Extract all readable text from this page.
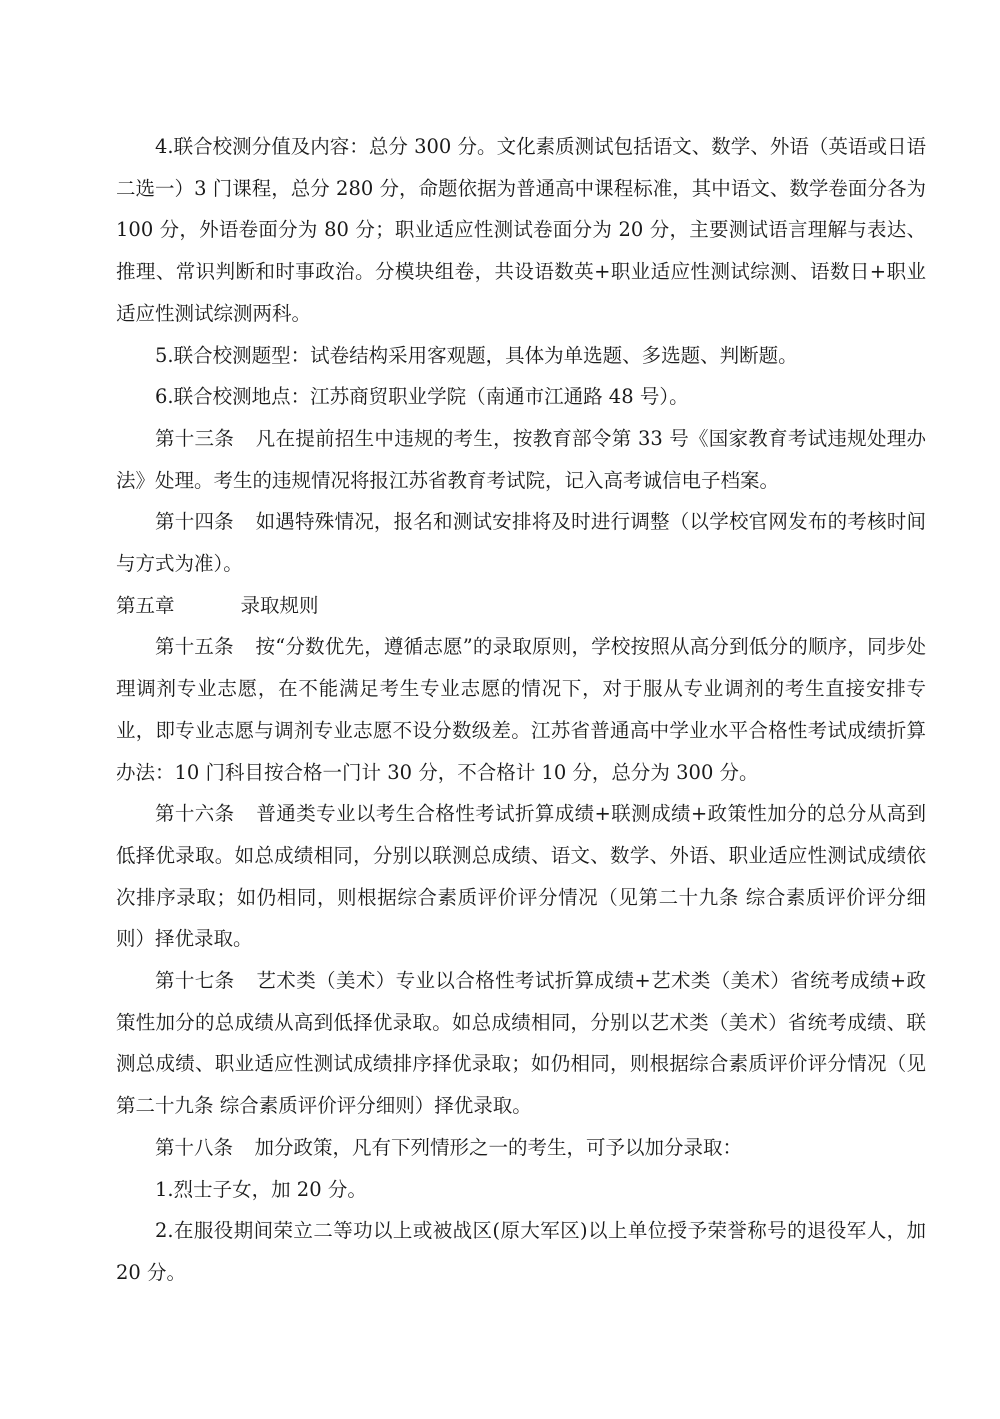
4.联合校测分值及内容：总分 300 分。文化素质测试包括语文、数学、外语（英语或日语二选一）3 门课程，总分 280 分，命题依据为普通高中课程标准，其中语文、数学卷面分各为 100 分，外语卷面分为 80 分；职业适应性测试卷面分为 20 分，主要测试语言理解与表达、推理、常识判断和时事政治。分模块组卷，共设语数英+职业适应性测试综测、语数日+职业适应性测试综测两科。

5.联合校测题型：试卷结构采用客观题，具体为单选题、多选题、判断题。

6.联合校测地点：江苏商贸职业学院（南通市江通路 48 号）。

第十三条 凡在提前招生中违规的考生，按教育部令第 33 号《国家教育考试违规处理办法》处理。考生的违规情况将报江苏省教育考试院，记入高考诚信电子档案。

第十四条 如遇特殊情况，报名和测试安排将及时进行调整（以学校官网发布的考核时间与方式为准）。

第五章	录取规则

第十五条 按“分数优先，遵循志愿”的录取原则，学校按照从高分到低分的顺序，同步处理调剂专业志愿，在不能满足考生专业志愿的情况下，对于服从专业调剂的考生直接安排专业，即专业志愿与调剂专业志愿不设分数级差。江苏省普通高中学业水平合格性考试成绩折算办法：10 门科目按合格一门计 30 分，不合格计 10 分，总分为 300 分。

第十六条 普通类专业以考生合格性考试折算成绩+联测成绩+政策性加分的总分从高到低择优录取。如总成绩相同，分别以联测总成绩、语文、数学、外语、职业适应性测试成绩依次排序录取；如仍相同，则根据综合素质评价评分情况（见第二十九条 综合素质评价评分细则）择优录取。

第十七条 艺术类（美术）专业以合格性考试折算成绩+艺术类（美术）省统考成绩+政策性加分的总成绩从高到低择优录取。如总成绩相同，分别以艺术类（美术）省统考成绩、联测总成绩、职业适应性测试成绩排序择优录取；如仍相同，则根据综合素质评价评分情况（见第二十九条 综合素质评价评分细则）择优录取。

第十八条 加分政策，凡有下列情形之一的考生，可予以加分录取：

1.烈士子女，加 20 分。

2.在服役期间荣立二等功以上或被战区(原大军区)以上单位授予荣誉称号的退役军人，加 20 分。
